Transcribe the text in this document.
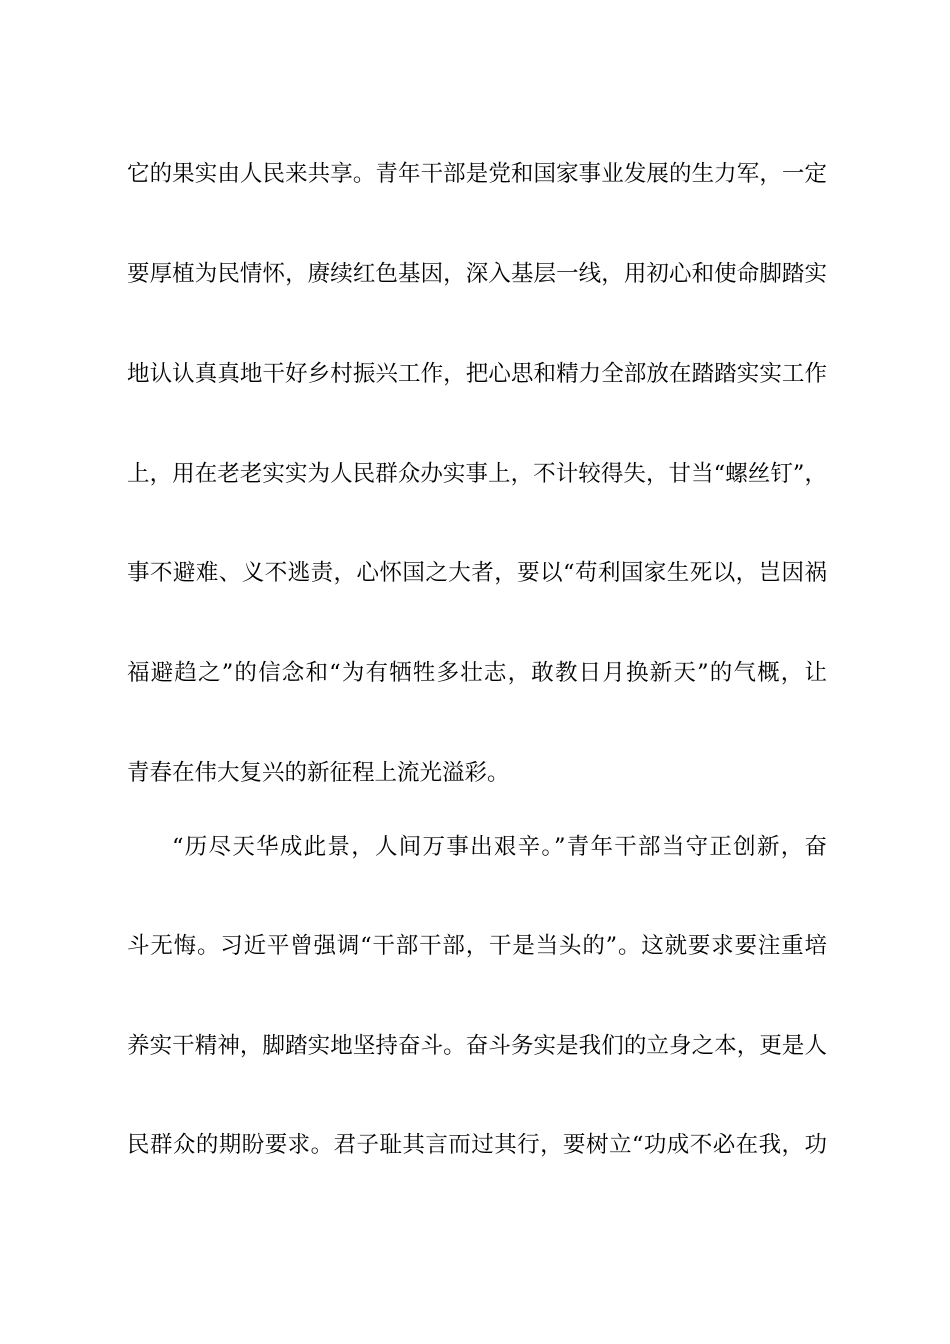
它的果实由人民来共享。青年干部是党和国家事业发展的生力军，一定
要厚植为民情怀，赓续红色基因，深入基层一线，用初心和使命脚踏实
地认认真真地干好乡村振兴工作，把心思和精力全部放在踏踏实实工作
上，用在老老实实为人民群众办实事上，不计较得失，甘当“螺丝钉”，
事不避难、义不逃责，心怀国之大者，要以“苟利国家生死以，岂因祸
福避趋之”的信念和“为有牺牲多壮志，敢教日月换新天”的气概，让
青春在伟大复兴的新征程上流光溢彩。
“历尽天华成此景，人间万事出艰辛。”青年干部当守正创新，奋
斗无悔。习近平曾强调“干部干部，干是当头的”。这就要求要注重培
养实干精神，脚踏实地坚持奋斗。奋斗务实是我们的立身之本，更是人
民群众的期盼要求。君子耻其言而过其行，要树立“功成不必在我，功
